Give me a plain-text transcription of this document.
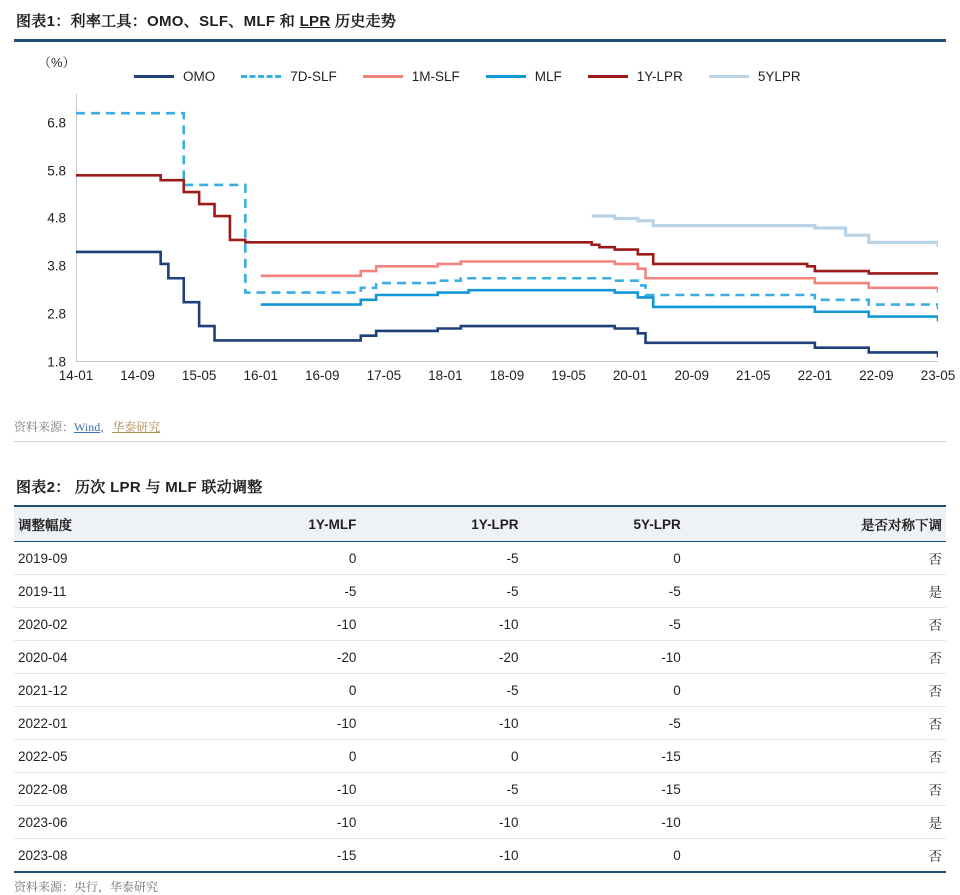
图表1：利率工具：OMO、SLF、MLF 和 LPR 历史走势
（%）
OMO	7D-SLF	1M-SLF	MLF	1Y-LPR	5YLPR
1.8
2.8
3.8
4.8
5.8
6.8
14-01 14-09 15-05 16-01 16-09 17-05 18-01 18-09 19-05 20-01 20-09 21-05 22-01 22-09 23-05
资料来源：Wind，华泰研究
图表2： 历次 LPR 与 MLF 联动调整
调整幅度	1Y-MLF	1Y-LPR	5Y-LPR	是否对称下调
2019-09	0	-5	0	否
2019-11	-5	-5	-5	是
2020-02	-10	-10	-5	否
2020-04	-20	-20	-10	否
2021-12	0	-5	0	否
2022-01	-10	-10	-5	否
2022-05	0	0	-15	否
2022-08	-10	-5	-15	否
2023-06	-10	-10	-10	是
2023-08	-15	-10	0	否
资料来源：央行，华泰研究
